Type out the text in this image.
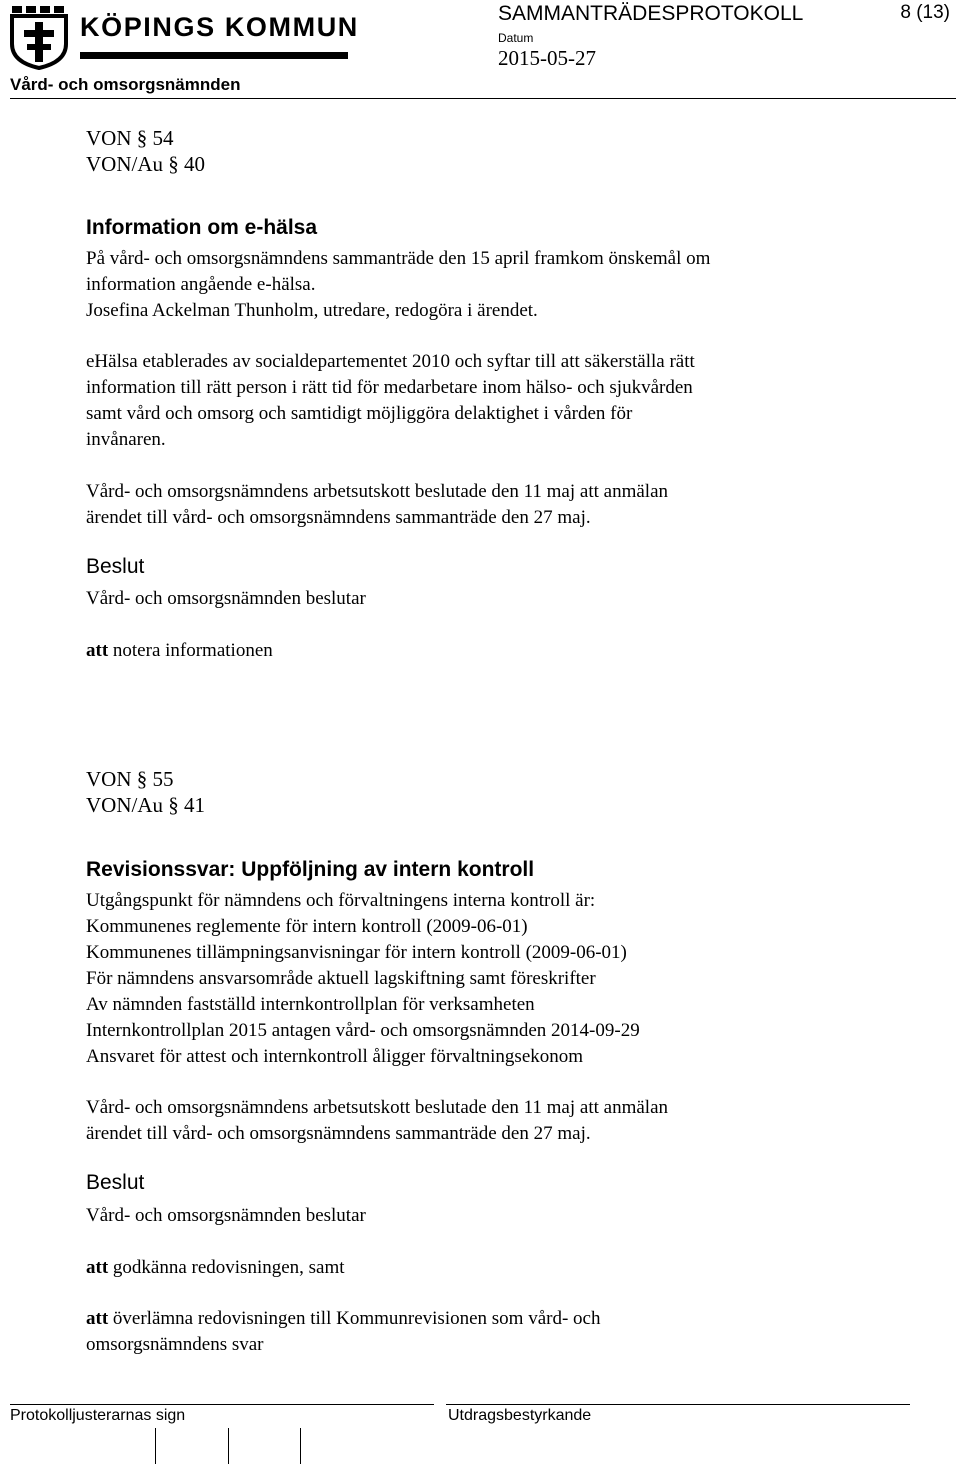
KÖPINGS KOMMUN	SAMMANTRÄDESPROTOKOLL	8 (13)
Datum
2015-05-27
Vård- och omsorgsnämnden
VON § 54
VON/Au § 40
Information om e-hälsa
På vård- och omsorgsnämndens sammanträde den 15 april framkom önskemål om
information angående e-hälsa.
Josefina Ackelman Thunholm, utredare, redogöra i ärendet.
eHälsa etablerades av socialdepartementet 2010 och syftar till att säkerställa rätt
information till rätt person i rätt tid för medarbetare inom hälso- och sjukvården
samt vård och omsorg och samtidigt möjliggöra delaktighet i vården för
invånaren.
Vård- och omsorgsnämndens arbetsutskott beslutade den 11 maj att anmälan
ärendet till vård- och omsorgsnämndens sammanträde den 27 maj.
Beslut
Vård- och omsorgsnämnden beslutar
att notera informationen
VON § 55
VON/Au § 41
Revisionssvar: Uppföljning av intern kontroll
Utgångspunkt för nämndens och förvaltningens interna kontroll är:
Kommunenes reglemente för intern kontroll (2009-06-01)
Kommunenes tillämpningsanvisningar för intern kontroll (2009-06-01)
För nämndens ansvarsområde aktuell lagskiftning samt föreskrifter
Av nämnden fastställd internkontrollplan för verksamheten
Internkontrollplan 2015 antagen vård- och omsorgsnämnden 2014-09-29
Ansvaret för attest och internkontroll åligger förvaltningsekonom
Vård- och omsorgsnämndens arbetsutskott beslutade den 11 maj att anmälan
ärendet till vård- och omsorgsnämndens sammanträde den 27 maj.
Beslut
Vård- och omsorgsnämnden beslutar
att godkänna redovisningen, samt
att överlämna redovisningen till Kommunrevisionen som vård- och
omsorgsnämndens svar
Protokolljusterarnas sign	Utdragsbestyrkande
